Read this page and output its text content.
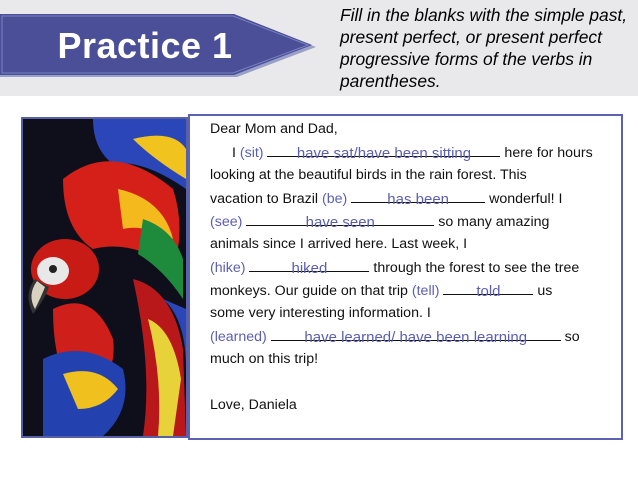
Practice 1
Fill in the blanks with the simple past, present perfect, or present perfect progressive forms of the verbs in parentheses.
Dear Mom and Dad,
I (sit)	have sat/have been sitting	here for hours
looking at the beautiful birds in the rain forest. This
vacation to Brazil (be)	has been	wonderful! I
(see)	have seen	so many amazing
animals since I arrived here. Last week, I
(hike)	hiked	through the forest to see the tree
monkeys. Our guide on that trip (tell)	told	us
some very interesting information. I
(learned)	have learned/ have been learning	so
much on this trip!
Love, Daniela
